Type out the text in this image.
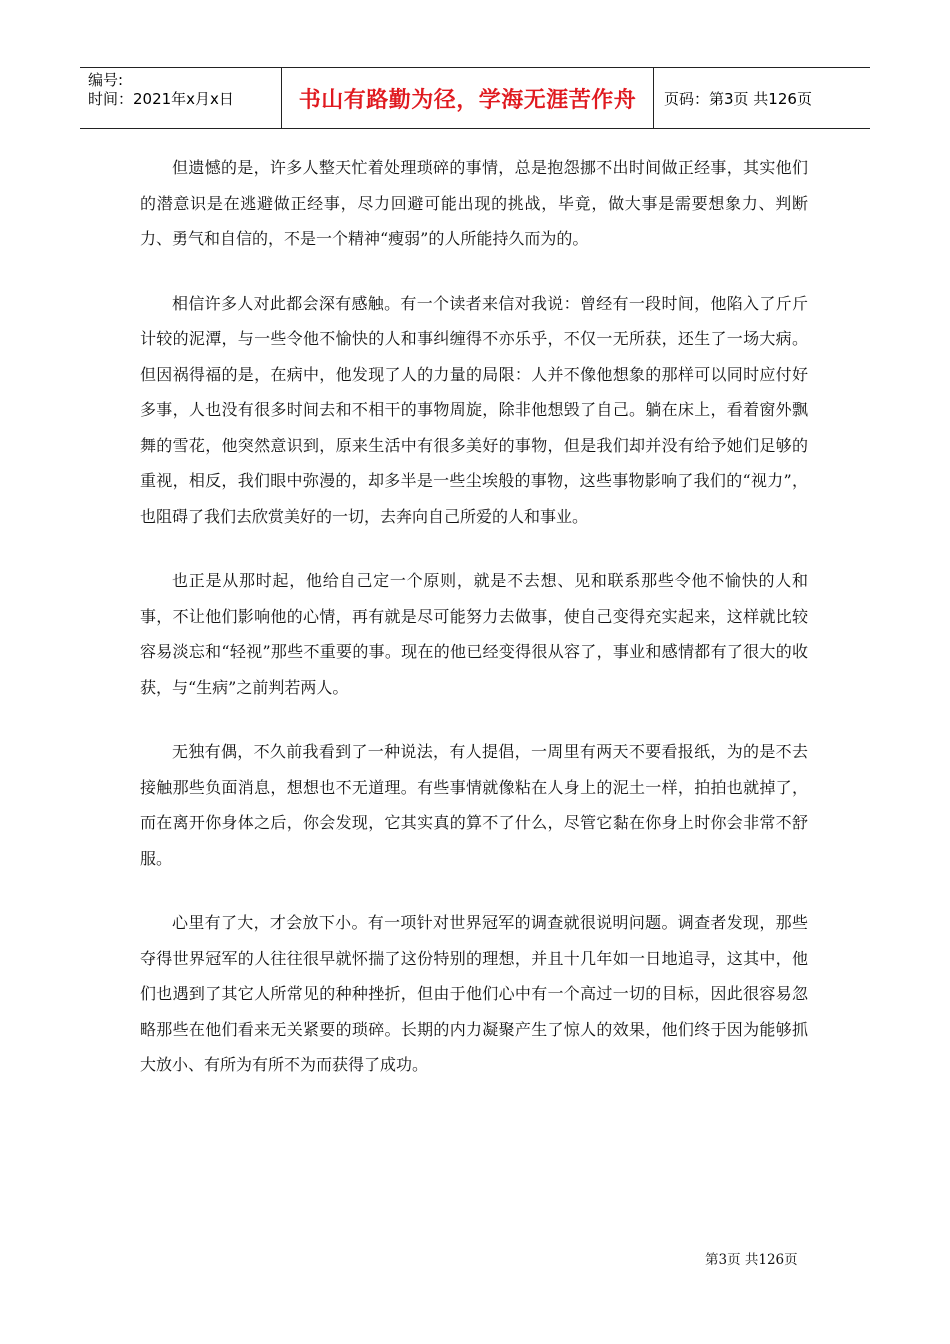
编号:
时间：2021年x月x日	书山有路勤为径，学海无涯苦作舟 页码：第3页 共126页

但遗憾的是，许多人整天忙着处理琐碎的事情，总是抱怨挪不出时间做正经事，其实他们的潜意识是在逃避做正经事，尽力回避可能出现的挑战，毕竟，做大事是需要想象力、判断力、勇气和自信的，不是一个精神“瘦弱”的人所能持久而为的。

相信许多人对此都会深有感触。有一个读者来信对我说：曾经有一段时间，他陷入了斤斤计较的泥潭，与一些令他不愉快的人和事纠缠得不亦乐乎，不仅一无所获，还生了一场大病。但因祸得福的是，在病中，他发现了人的力量的局限：人并不像他想象的那样可以同时应付好多事，人也没有很多时间去和不相干的事物周旋，除非他想毁了自己。躺在床上，看着窗外飘舞的雪花，他突然意识到，原来生活中有很多美好的事物，但是我们却并没有给予她们足够的重视，相反，我们眼中弥漫的，却多半是一些尘埃般的事物，这些事物影响了我们的“视力”，也阻碍了我们去欣赏美好的一切，去奔向自己所爱的人和事业。

也正是从那时起，他给自己定一个原则，就是不去想、见和联系那些令他不愉快的人和事，不让他们影响他的心情，再有就是尽可能努力去做事，使自己变得充实起来，这样就比较容易淡忘和“轻视”那些不重要的事。现在的他已经变得很从容了，事业和感情都有了很大的收获，与“生病”之前判若两人。

无独有偶，不久前我看到了一种说法，有人提倡，一周里有两天不要看报纸，为的是不去接触那些负面消息，想想也不无道理。有些事情就像粘在人身上的泥土一样，拍拍也就掉了，而在离开你身体之后，你会发现，它其实真的算不了什么，尽管它黏在你身上时你会非常不舒服。

心里有了大，才会放下小。有一项针对世界冠军的调查就很说明问题。调查者发现，那些夺得世界冠军的人往往很早就怀揣了这份特别的理想，并且十几年如一日地追寻，这其中，他们也遇到了其它人所常见的种种挫折，但由于他们心中有一个高过一切的目标，因此很容易忽略那些在他们看来无关紧要的琐碎。长期的内力凝聚产生了惊人的效果，他们终于因为能够抓大放小、有所为有所不为而获得了成功。

第3页 共126页
